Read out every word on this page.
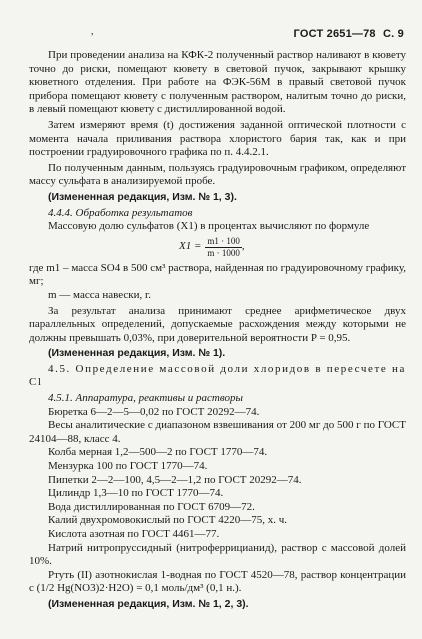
,	ГОСТ 2651—78 С. 9

При проведении анализа на КФК-2 полученный раствор наливают в кювету точно до риски, помещают кювету в световой пучок, закрывают крышку кюветного отделения. При работе на ФЭК-56М в правый световой пучок прибора помещают кювету с полученным раствором, налитым точно до риски, в левый помещают кювету с дистиллированной водой.

Затем измеряют время (t) достижения заданной оптической плотности с момента начала приливания раствора хлористого бария так, как и при построении градуировочного графика по п. 4.4.2.1.

По полученным данным, пользуясь градуировочным графиком, определяют массу сульфата в анализируемой пробе.

(Измененная редакция, Изм. № 1, 3).

4.4.4. Обработка результатов

Массовую долю сульфатов (X1) в процентах вычисляют по формуле

$X1 = \frac{m1 \cdot 100}{m \cdot 1000}$ ,

где m1 – масса SO4 в 500 см³ раствора, найденная по градуировочному графику, мг;

m — масса навески, г.

За результат анализа принимают среднее арифметическое двух параллельных определений, допускаемые расхождения между которыми не должны превышать 0,03%, при доверительной вероятности P = 0,95.

(Измененная редакция, Изм. № 1).

4.5. Определение массовой доли хлоридов в пересчете на Cl

4.5.1. Аппаратура, реактивы и растворы

Бюретка 6—2—5—0,02 по ГОСТ 20292—74.

Весы аналитические с диапазоном взвешивания от 200 мг до 500 г по ГОСТ 24104—88, класс 4.

Колба мерная 1,2—500—2 по ГОСТ 1770—74.

Мензурка 100 по ГОСТ 1770—74.

Пипетки 2—2—100, 4,5—2—1,2 по ГОСТ 20292—74.

Цилиндр 1,3—10 по ГОСТ 1770—74.

Вода дистиллированная по ГОСТ 6709—72.

Калий двухромовокислый по ГОСТ 4220—75, х. ч.

Кислота азотная по ГОСТ 4461—77.

Натрий нитропруссидный (нитроферрицианид), раствор с массовой долей 10%.

Ртуть (II) азотнокислая 1-водная по ГОСТ 4520—78, раствор концентрации с (1/2 Hg(NO3)2·H2O) = 0,1 моль/дм³ (0,1 н.).

(Измененная редакция, Изм. № 1, 2, 3).
